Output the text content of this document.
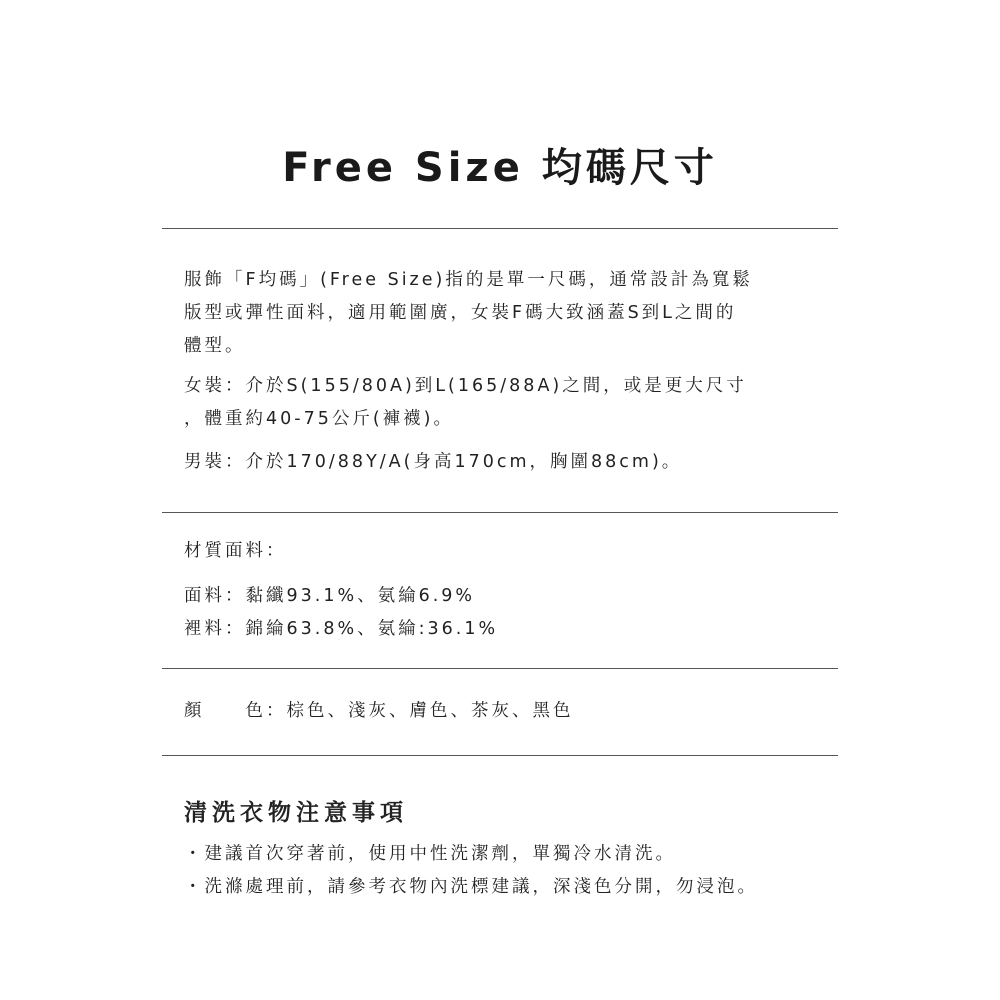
Free Size 均碼尺寸
服飾「F均碼」(Free Size)指的是單一尺碼，通常設計為寬鬆
版型或彈性面料，適用範圍廣，女裝F碼大致涵蓋S到L之間的
體型。
女裝：介於S(155/80A)到L(165/88A)之間，或是更大尺寸
，體重約40-75公斤(褲襪)。
男裝：介於170/88Y/A(身高170cm，胸圍88cm)。
材質面料：
面料：黏纖93.1%、氨綸6.9%
裡料：錦綸63.8%、氨綸:36.1%
顏　　色：棕色、淺灰、膚色、茶灰、黑色
清洗衣物注意事項
・建議首次穿著前，使用中性洗潔劑，單獨冷水清洗。
・洗滌處理前，請參考衣物內洗標建議，深淺色分開，勿浸泡。
